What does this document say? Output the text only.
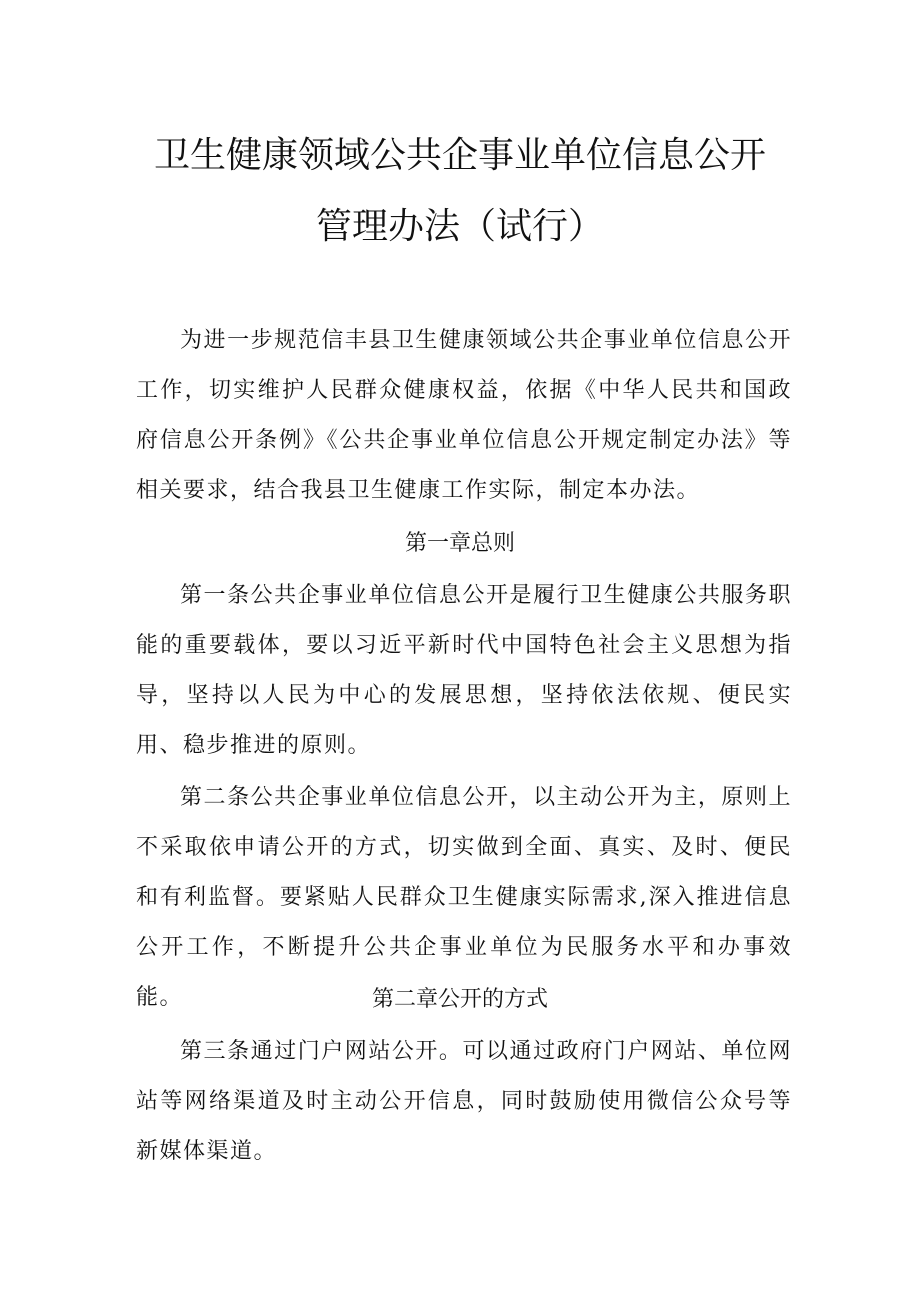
卫生健康领域公共企事业单位信息公开
管理办法（试行）

为进一步规范信丰县卫生健康领域公共企事业单位信息公开工作，切实维护人民群众健康权益，依据《中华人民共和国政府信息公开条例》《公共企事业单位信息公开规定制定办法》等相关要求，结合我县卫生健康工作实际，制定本办法。

第一章总则

第一条公共企事业单位信息公开是履行卫生健康公共服务职能的重要载体，要以习近平新时代中国特色社会主义思想为指导，坚持以人民为中心的发展思想，坚持依法依规、便民实用、稳步推进的原则。

第二条公共企事业单位信息公开，以主动公开为主，原则上不采取依申请公开的方式，切实做到全面、真实、及时、便民和有利监督。要紧贴人民群众卫生健康实际需求,深入推进信息公开工作，不断提升公共企事业单位为民服务水平和办事效能。	第二章公开的方式

第三条通过门户网站公开。可以通过政府门户网站、单位网站等网络渠道及时主动公开信息，同时鼓励使用微信公众号等新媒体渠道。
